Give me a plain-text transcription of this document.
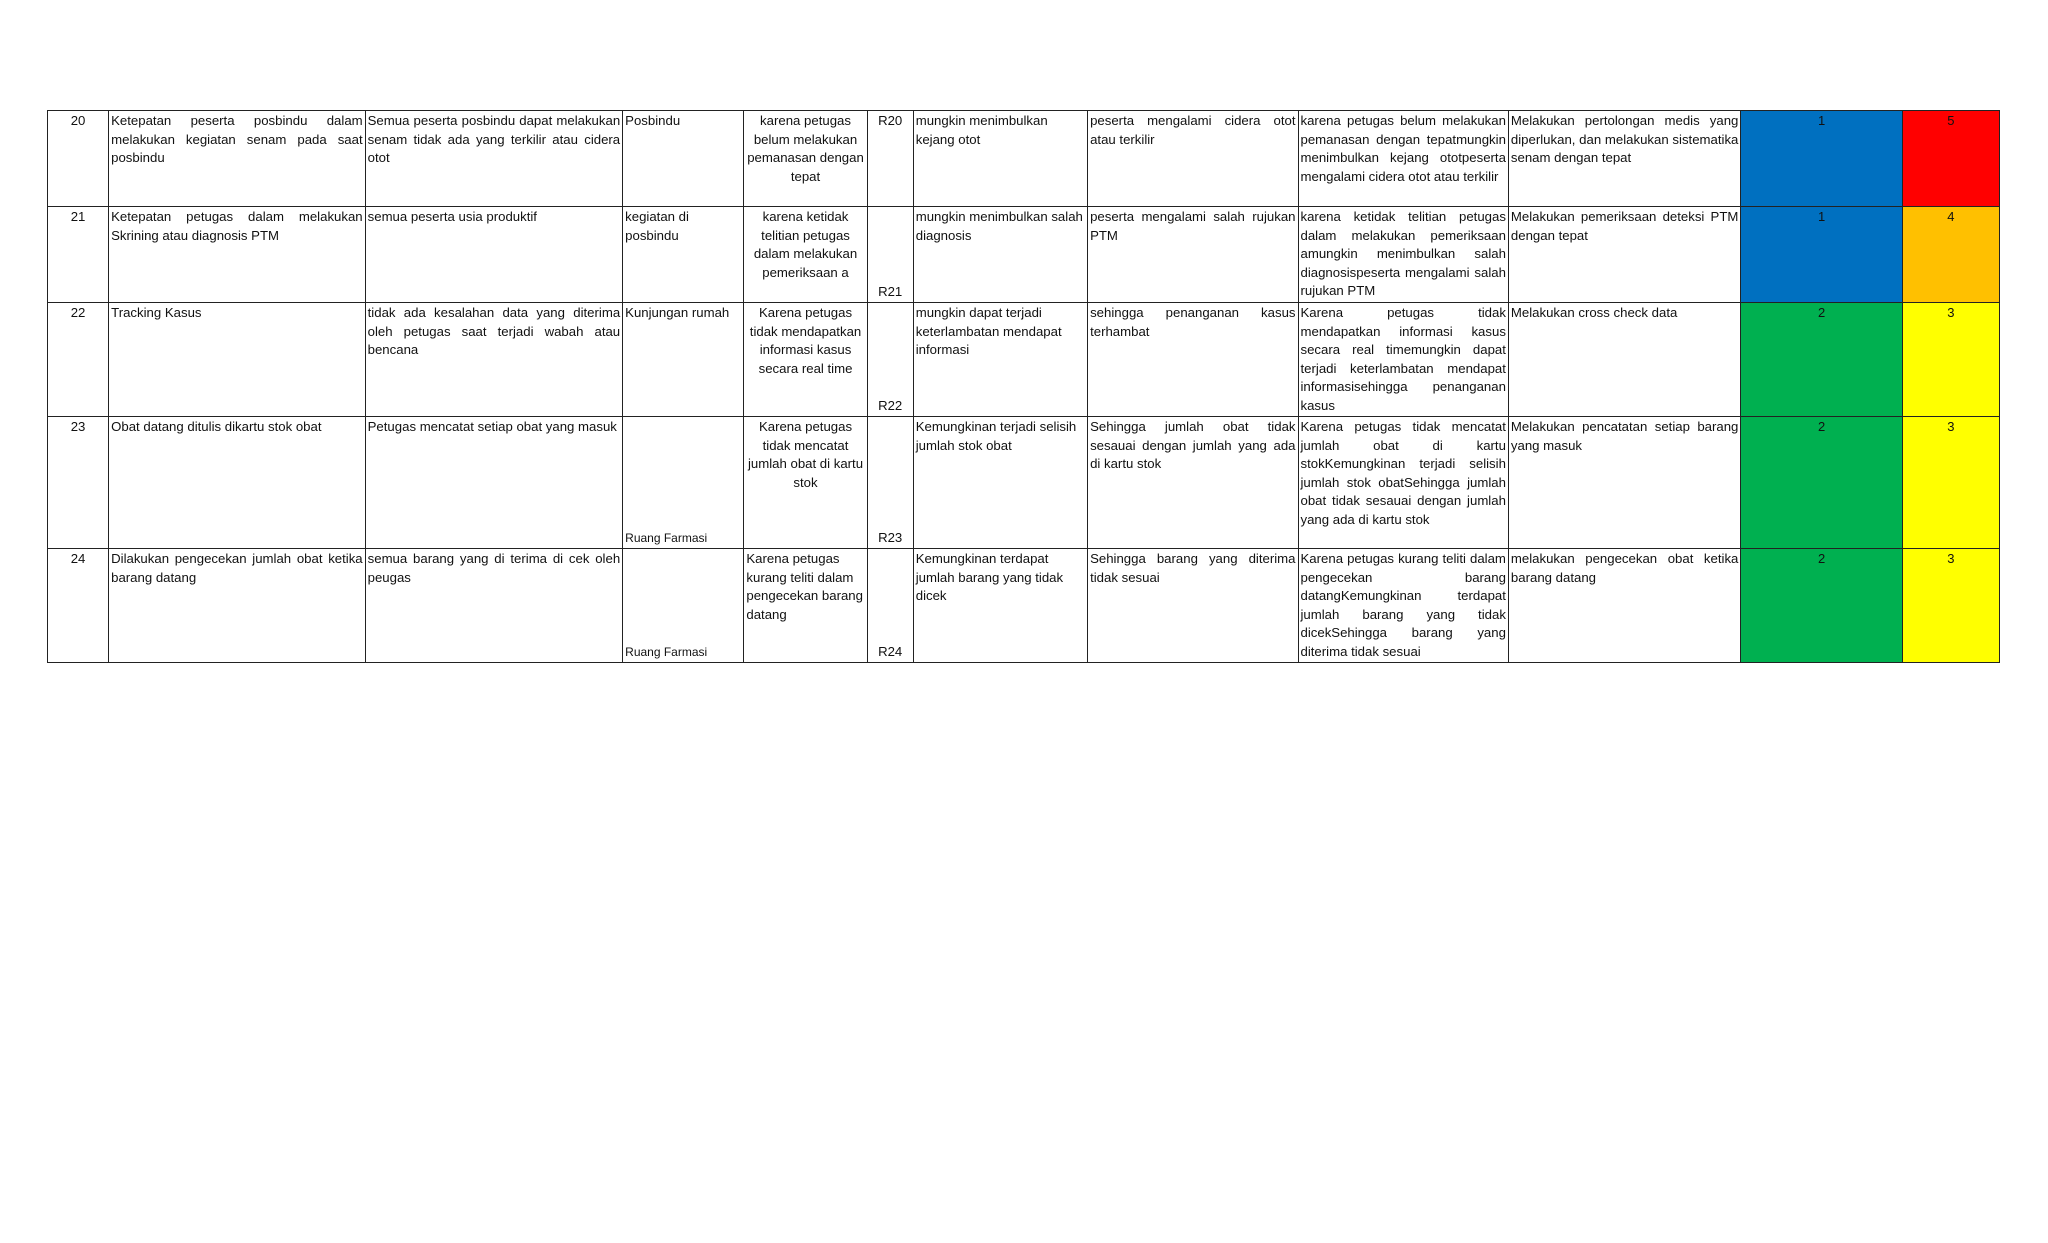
20	Ketepatan peserta posbindu dalam melakukan kegiatan senam pada saat posbindu	Semua peserta posbindu dapat melakukan senam tidak ada yang terkilir atau cidera otot	Posbindu	karena petugas belum melakukan pemanasan dengan tepat	R20	mungkin menimbulkan kejang otot	peserta mengalami cidera otot atau terkilir	karena petugas belum melakukan pemanasan dengan tepatmungkin menimbulkan kejang ototpeserta mengalami cidera otot atau terkilir	Melakukan pertolongan medis yang diperlukan, dan melakukan sistematika senam dengan tepat	1	5
21	Ketepatan petugas dalam melakukan Skrining atau diagnosis PTM	semua peserta usia produktif	kegiatan di posbindu	karena ketidak telitian petugas dalam melakukan pemeriksaan a	R21	mungkin menimbulkan salah diagnosis	peserta mengalami salah rujukan PTM	karena ketidak telitian petugas dalam melakukan pemeriksaan amungkin menimbulkan salah diagnosispeserta mengalami salah rujukan PTM	Melakukan pemeriksaan deteksi PTM dengan tepat	1	4
22	Tracking Kasus	tidak ada kesalahan data yang diterima oleh petugas saat terjadi wabah atau bencana	Kunjungan rumah	Karena petugas tidak mendapatkan informasi kasus secara real time	R22	mungkin dapat terjadi keterlambatan mendapat informasi	sehingga penanganan kasus terhambat	Karena petugas tidak mendapatkan informasi kasus secara real timemungkin dapat terjadi keterlambatan mendapat informasisehingga penanganan kasus	Melakukan cross check data	2	3
23	Obat datang ditulis dikartu stok obat	Petugas mencatat setiap obat yang masuk	Ruang Farmasi	Karena petugas tidak mencatat jumlah obat di kartu stok	R23	Kemungkinan terjadi selisih jumlah stok obat	Sehingga jumlah obat tidak sesauai dengan jumlah yang ada di kartu stok	Karena petugas tidak mencatat jumlah obat di kartu stokKemungkinan terjadi selisih jumlah stok obatSehingga jumlah obat tidak sesauai dengan jumlah yang ada di kartu stok	Melakukan pencatatan setiap barang yang masuk	2	3
24	Dilakukan pengecekan jumlah obat ketika barang datang	semua barang yang di terima di cek oleh peugas	Ruang Farmasi	Karena petugas kurang teliti dalam pengecekan barang datang	R24	Kemungkinan terdapat jumlah barang yang tidak dicek	Sehingga barang yang diterima tidak sesuai	Karena petugas kurang teliti dalam pengecekan barang datangKemungkinan terdapat jumlah barang yang tidak dicekSehingga barang yang diterima tidak sesuai	melakukan pengecekan obat ketika barang datang	2	3
